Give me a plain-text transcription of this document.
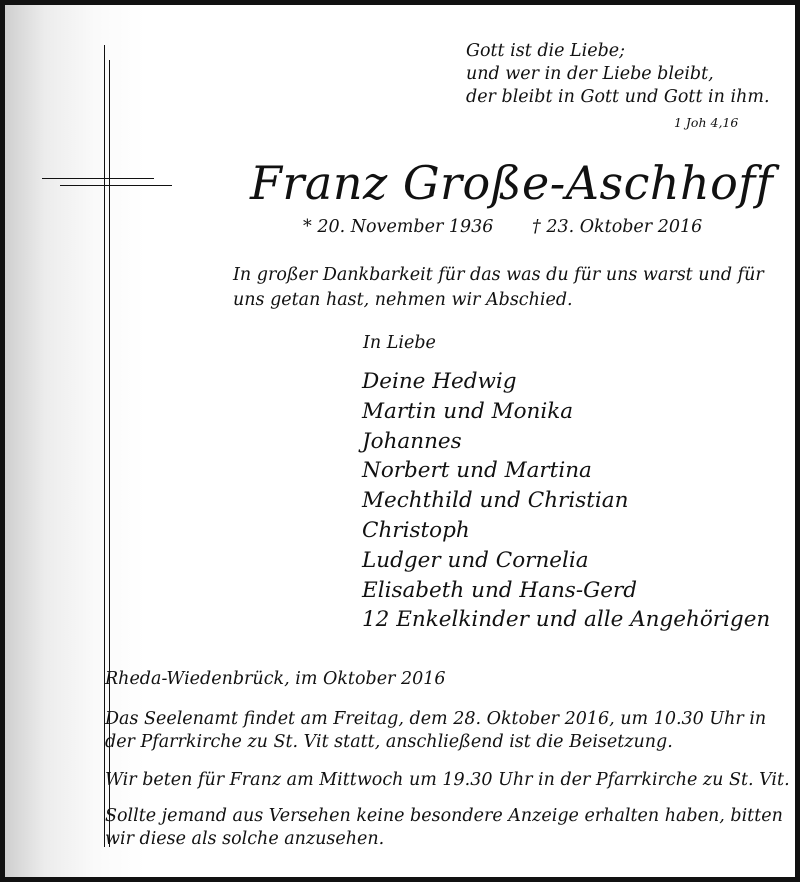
Gott ist die Liebe;
und wer in der Liebe bleibt,
der bleibt in Gott und Gott in ihm.
1 Joh 4,16
Franz Große-Aschhoff
* 20. November 1936 † 23. Oktober 2016
In großer Dankbarkeit für das was du für uns warst und für
uns getan hast, nehmen wir Abschied.
In Liebe
Deine Hedwig
Martin und Monika
Johannes
Norbert und Martina
Mechthild und Christian
Christoph
Ludger und Cornelia
Elisabeth und Hans-Gerd
12 Enkelkinder und alle Angehörigen
Rheda-Wiedenbrück, im Oktober 2016
Das Seelenamt findet am Freitag, dem 28. Oktober 2016, um 10.30 Uhr in
der Pfarrkirche zu St. Vit statt, anschließend ist die Beisetzung.
Wir beten für Franz am Mittwoch um 19.30 Uhr in der Pfarrkirche zu St. Vit.
Sollte jemand aus Versehen keine besondere Anzeige erhalten haben, bitten
wir diese als solche anzusehen.
